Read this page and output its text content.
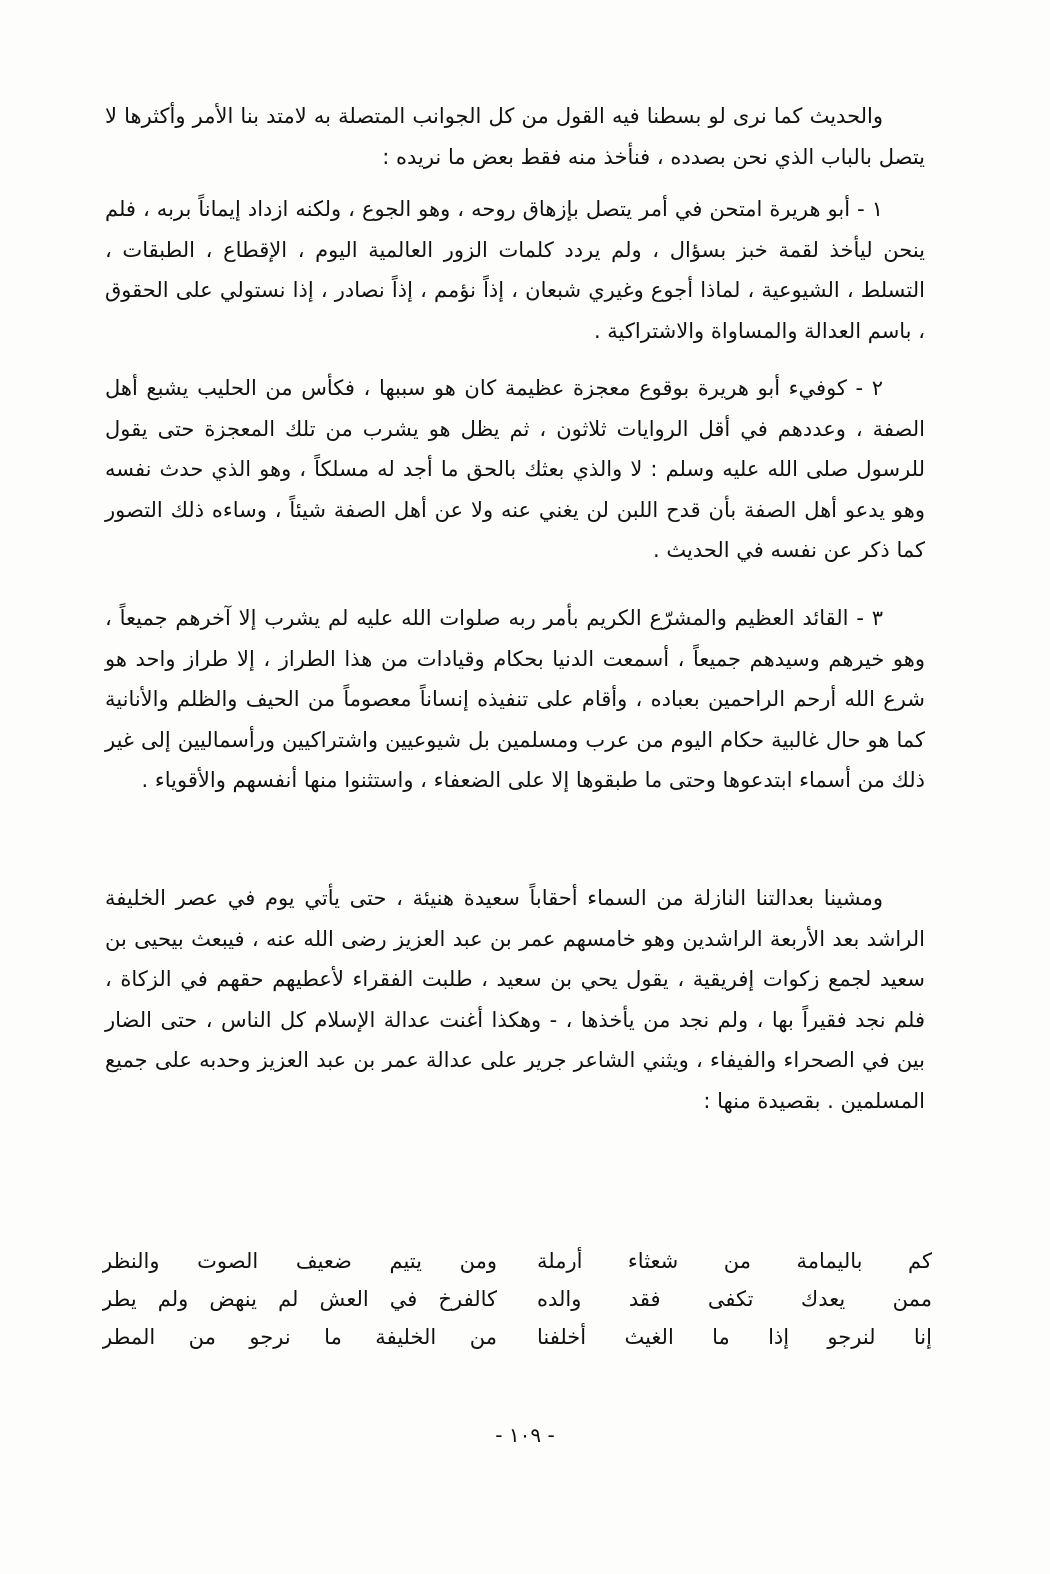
والحديث كما نرى لو بسطنا فيه القول من كل الجوانب المتصلة به لامتد بنا الأمر وأكثرها لا يتصل بالباب الذي نحن بصدده ، فنأخذ منه فقط بعض ما نريده :

١ - أبو هريرة امتحن في أمر يتصل بإزهاق روحه ، وهو الجوع ، ولكنه ازداد إيماناً بربه ، فلم ينحن ليأخذ لقمة خبز بسؤال ، ولم يردد كلمات الزور العالمية اليوم ، الإقطاع ، الطبقات ، التسلط ، الشيوعية ، لماذا أجوع وغيري شبعان ، إذاً نؤمم ، إذاً نصادر ، إذا نستولي على الحقوق ، باسم العدالة والمساواة والاشتراكية .

٢ - كوفيء أبو هريرة بوقوع معجزة عظيمة كان هو سببها ، فكأس من الحليب يشبع أهل الصفة ، وعددهم في أقل الروايات ثلاثون ، ثم يظل هو يشرب من تلك المعجزة حتى يقول للرسول صلى الله عليه وسلم : لا والذي بعثك بالحق ما أجد له مسلكاً ، وهو الذي حدث نفسه وهو يدعو أهل الصفة بأن قدح اللبن لن يغني عنه ولا عن أهل الصفة شيئاً ، وساءه ذلك التصور كما ذكر عن نفسه في الحديث .

٣ - القائد العظيم والمشرّع الكريم بأمر ربه صلوات الله عليه لم يشرب إلا آخرهم جميعاً ، وهو خيرهم وسيدهم جميعاً ، أسمعت الدنيا بحكام وقيادات من هذا الطراز ، إلا طراز واحد هو شرع الله أرحم الراحمين بعباده ، وأقام على تنفيذه إنساناً معصوماً من الحيف والظلم والأنانية كما هو حال غالبية حكام اليوم من عرب ومسلمين بل شيوعيين واشتراكيين ورأسماليين إلى غير ذلك من أسماء ابتدعوها وحتى ما طبقوها إلا على الضعفاء ، واستثنوا منها أنفسهم والأقوياء .

ومشينا بعدالتنا النازلة من السماء أحقاباً سعيدة هنيئة ، حتى يأتي يوم في عصر الخليفة الراشد بعد الأربعة الراشدين وهو خامسهم عمر بن عبد العزيز رضى الله عنه ، فيبعث بيحيى بن سعيد لجمع زكوات إفريقية ، يقول يحي بن سعيد ، طلبت الفقراء لأعطيهم حقهم في الزكاة ، فلم نجد فقيراً بها ، ولم نجد من يأخذها ، - وهكذا أغنت عدالة الإسلام كل الناس ، حتى الضار بين في الصحراء والفيفاء ، ويثني الشاعر جرير على عدالة عمر بن عبد العزيز وحدبه على جميع المسلمين . بقصيدة منها :

كم باليمامة من شعثاء أرملة
ومن يتيم ضعيف الصوت والنظر
ممن يعدك تكفى فقد والده
كالفرخ في العش لم ينهض ولم يطر
إنا لنرجو إذا ما الغيث أخلفنا
من الخليفة ما نرجو من المطر
- ١٠٩ -
